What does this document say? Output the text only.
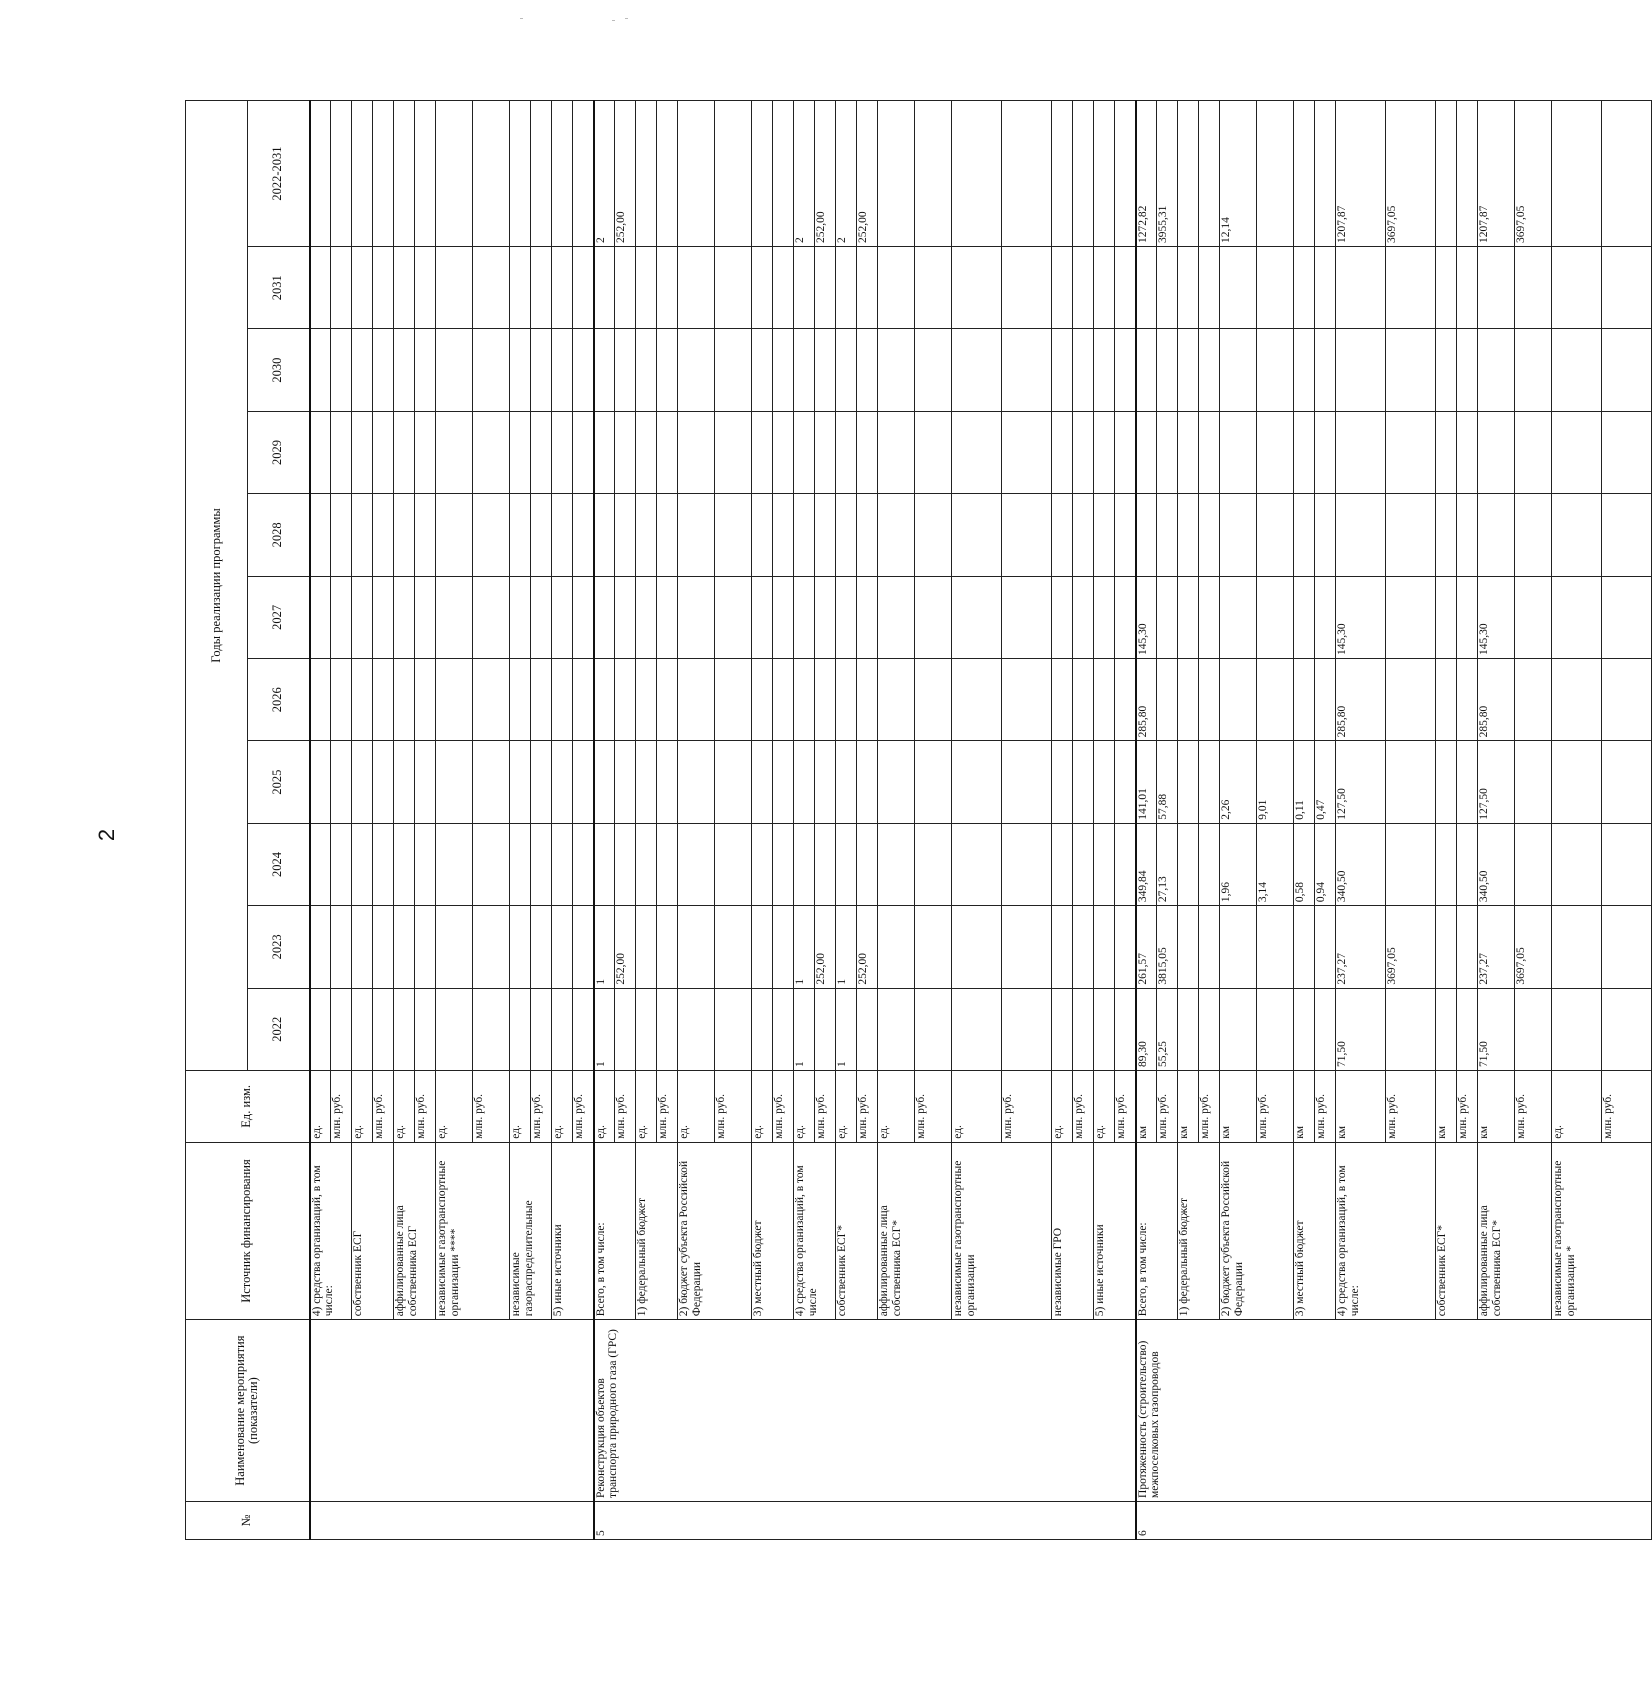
2
№	Наименование мероприятия (показатели)	Источник финансирования	Ед. изм.	Годы реализации программы										
				2022	2023	2024	2025	2026	2027	2028	2029	2030	2031	2022-2031
		4) средства организаций, в том числе:	ед.											
			млн. руб.											
		собственник ЕСГ	ед.											
			млн. руб.											
		аффилированные лица собственника ЕСГ	ед.											
			млн. руб.											
		независимые газотранспортные организации ****	ед.											
			млн. руб.											
		независимые газораспределительные	ед.											
			млн. руб.											
		5) иные источники	ед.											
			млн. руб.											
5	Реконструкция объектов транспорта природного газа (ГРС)	Всего, в том числе:	ед.	1	1									2
			млн. руб.		252,00									252,00
		1) федеральный бюджет	ед.											
			млн. руб.											
		2) бюджет субъекта Российской Федерации	ед.											
			млн. руб.											
		3) местный бюджет	ед.											
			млн. руб.											
		4) средства организаций, в том числе	ед.	1	1									2
			млн. руб.		252,00									252,00
		собственник ЕСГ*	ед.	1	1									2
			млн. руб.		252,00									252,00
		аффилированные лица собственника ЕСГ*	ед.											
			млн. руб.											
		независимые газотранспортные организации	ед.											
			млн. руб.											
		независимые ГРО	ед.											
			млн. руб.											
		5) иные источники	ед.											
			млн. руб.											
6	Протяженность (строительство) межпоселковых газопроводов	Всего, в том числе:	км	89,30	261,57	349,84	141,01	285,80	145,30					1272,82
			млн. руб.	55,25	3815,05	27,13	57,88							3955,31
		1) федеральный бюджет	км											
			млн. руб.											
		2) бюджет субъекта Российской Федерации	км			1,96	2,26							12,14
			млн. руб.			3,14	9,01							
		3) местный бюджет	км			0,58	0,11							
			млн. руб.			0,94	0,47							
		4) средства организаций, в том числе:	км	71,50	237,27	340,50	127,50	285,80	145,30					1207,87
			млн. руб.		3697,05									3697,05
		собственник ЕСГ*	км											
			млн. руб.											
		аффилированные лица собственника ЕСГ*	км	71,50	237,27	340,50	127,50	285,80	145,30					1207,87
			млн. руб.		3697,05									3697,05
		независимые газотранспортные организации *	ед.											
			млн. руб.											
